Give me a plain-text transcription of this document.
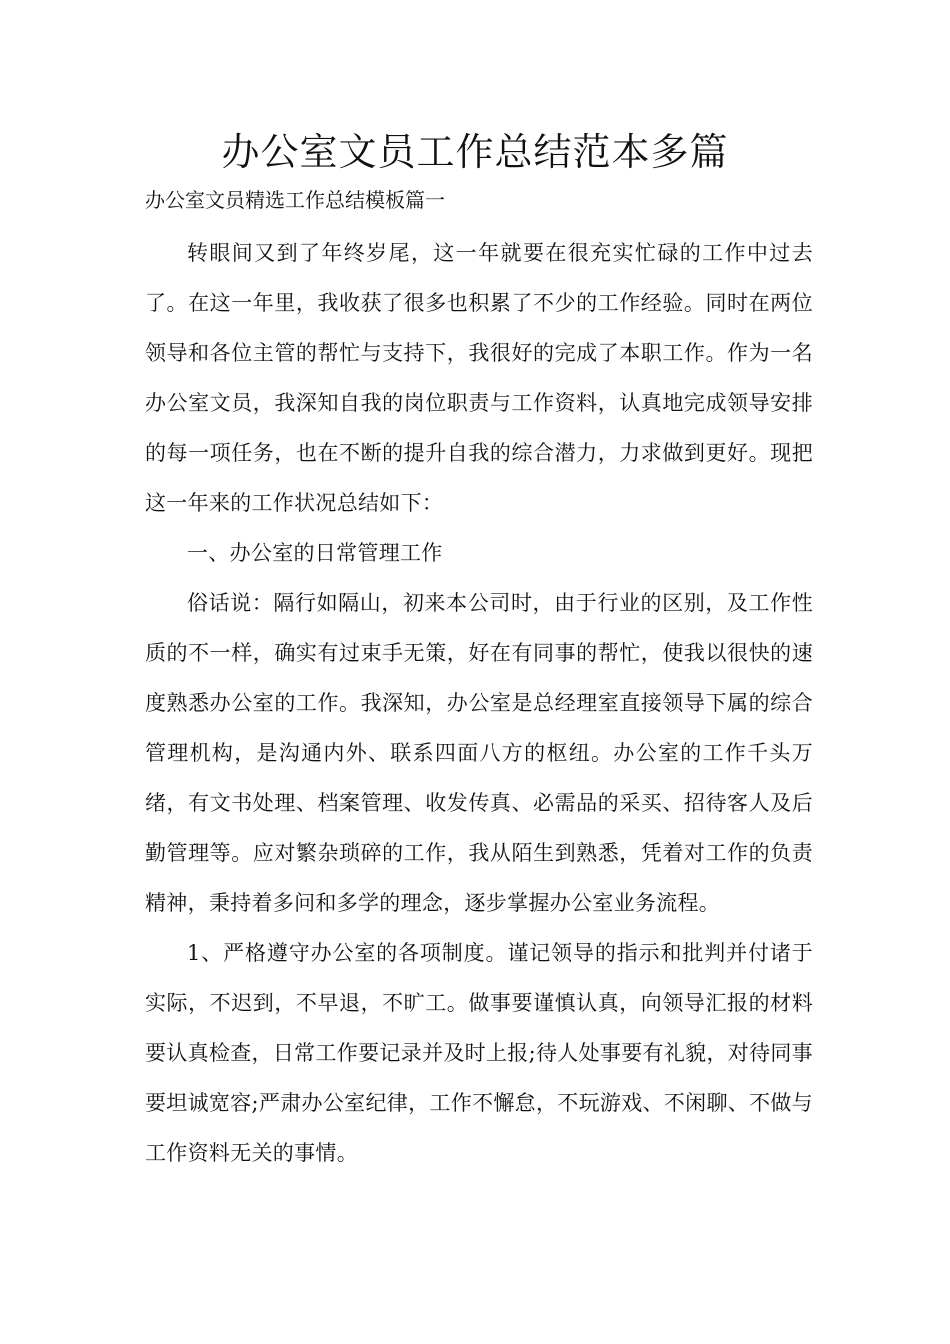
办公室文员工作总结范本多篇

办公室文员精选工作总结模板篇一

转眼间又到了年终岁尾，这一年就要在很充实忙碌的工作中过去了。在这一年里，我收获了很多也积累了不少的工作经验。同时在两位领导和各位主管的帮忙与支持下，我很好的完成了本职工作。作为一名办公室文员，我深知自我的岗位职责与工作资料，认真地完成领导安排的每一项任务，也在不断的提升自我的综合潜力，力求做到更好。现把这一年来的工作状况总结如下：

一、办公室的日常管理工作

俗话说：隔行如隔山，初来本公司时，由于行业的区别，及工作性质的不一样，确实有过束手无策，好在有同事的帮忙，使我以很快的速度熟悉办公室的工作。我深知，办公室是总经理室直接领导下属的综合管理机构，是沟通内外、联系四面八方的枢纽。办公室的工作千头万绪，有文书处理、档案管理、收发传真、必需品的采买、招待客人及后勤管理等。应对繁杂琐碎的工作，我从陌生到熟悉，凭着对工作的负责精神，秉持着多问和多学的理念，逐步掌握办公室业务流程。

1、严格遵守办公室的各项制度。谨记领导的指示和批判并付诸于实际，不迟到，不早退，不旷工。做事要谨慎认真，向领导汇报的材料要认真检查，日常工作要记录并及时上报;待人处事要有礼貌，对待同事要坦诚宽容;严肃办公室纪律，工作不懈怠，不玩游戏、不闲聊、不做与工作资料无关的事情。
